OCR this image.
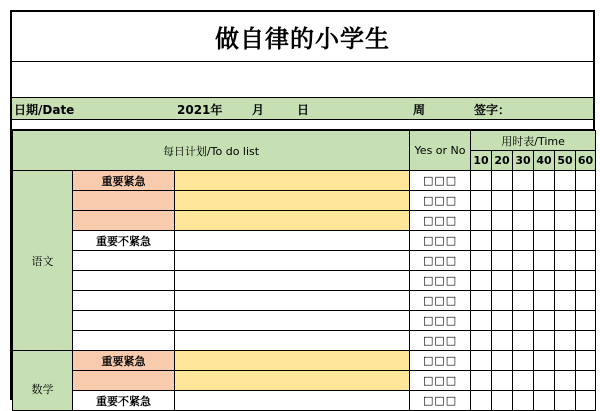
做自律的小学生
日期/Date	2021年 月	日	周	签字：
每日计划/To do list			Yes or No	用时表/Time					
				10	20	30	40	50	60
语文	重要紧急		□□□						
			□□□						
			□□□						
	重要不紧急		□□□						
			□□□						
			□□□						
			□□□						
			□□□						
			□□□						
数学	重要紧急		□□□						
			□□□						
	重要不紧急		□□□						
